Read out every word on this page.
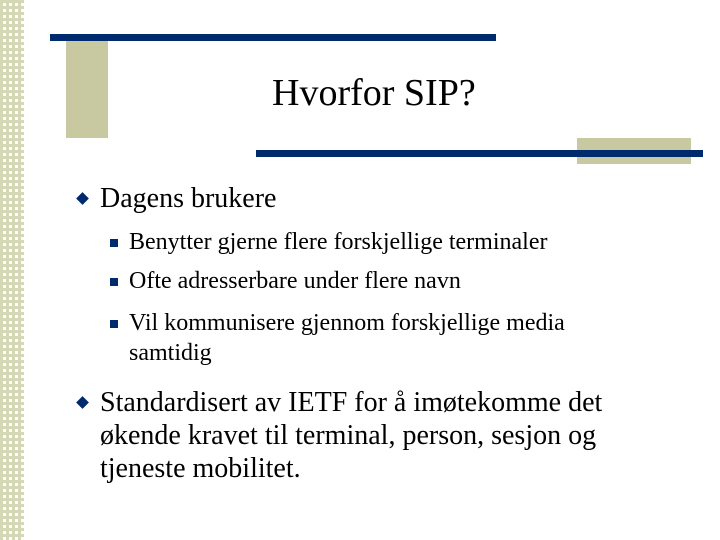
Hvorfor SIP?
Dagens brukere
Benytter gjerne flere forskjellige terminaler
Ofte adresserbare under flere navn
Vil kommunisere gjennom forskjellige media
samtidig
Standardisert av IETF for å imøtekomme det
økende kravet til terminal, person, sesjon og
tjeneste mobilitet.
